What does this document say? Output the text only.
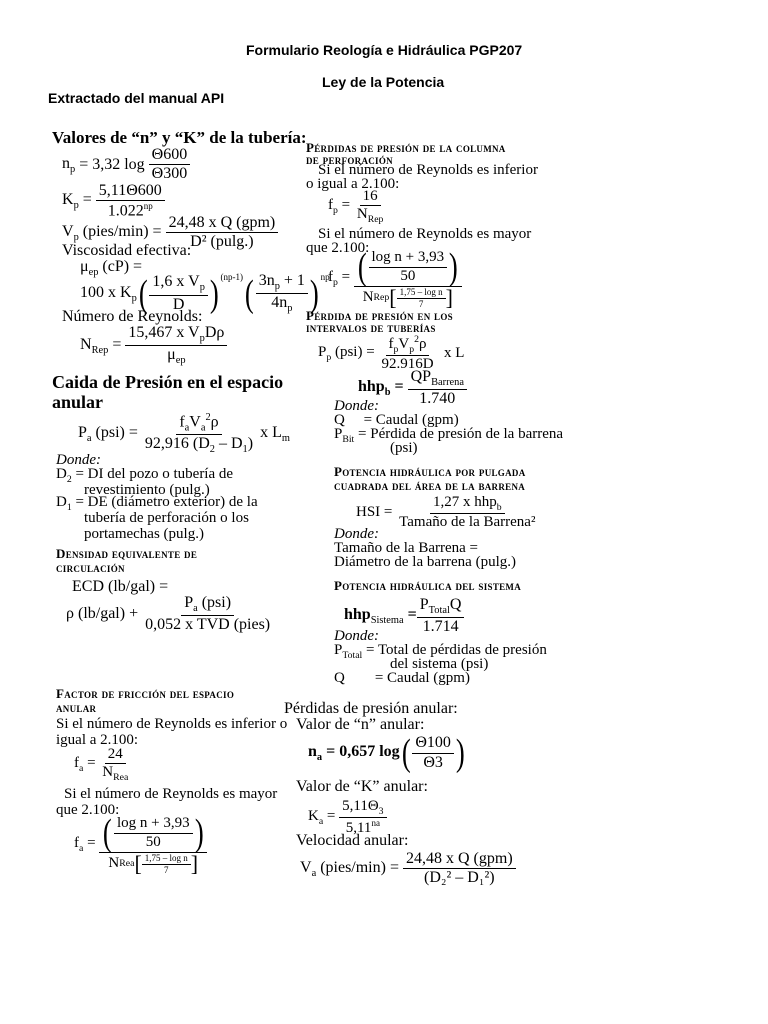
Formulario Reología e Hidráulica PGP207
Ley de la Potencia
Extractado del manual API
Valores de “n” y “K” de la tubería:
$n_p$
= 3,32 log
$\frac{\Theta 600}{\Theta 300}$
$K_p$ =
$\frac{5,11\Theta 600}{1.022^{np}}$
$V_p$ (pies/min) =
$\frac{\text{24,48 x Q (gpm)}}{\text{D² (pulg.)}}$
Viscosidad efectiva:
$\mu_{ep}$ (cP) =
100 x $K_p$ ( $\frac{1,6 x V_p}{D} )^{(np-1)}$ ( $\frac{3n_p + 1}{4n_p} )^{np}$
Número de Reynolds:
$N_{Rep}$ =
$\frac{15,467 x V_pD\rho}{\mu_{ep}}$
Caida de Presión en el espacio
anular
$P_a$ (psi) =
$\frac{f_aV_a^2\rho}{92,916 (D_2 - D_1)}$
x $L_m$
Donde:
$D_2$ = DI del pozo o tubería de
revestimiento (pulg.)
$D_1$ = DE (diámetro exterior) de la
tubería de perforación o los
portamechas (pulg.)
Densidad equivalente de
circulación
ECD (lb/gal) =
ρ (lb/gal) +
$\frac{P_a (psi)}{\text{0,052 x TVD (pies)}}$
Factor de fricción del espacio
anular
Si el número de Reynolds es inferior o
igual a 2.100:
$f_a$ =
$\frac{24}{N_{Rea}}$
Si el número de Reynolds es mayor
que 2.100:
$f_a$ =
( $\frac{\text{log n + 3,93}}{50}$ )
N Rea [ $\frac{\text{1,75 – log n}}{7}$ ]
Pérdidas de presión de la columna
de perforación
Si el número de Reynolds es inferior
o igual a 2.100:
$f_p$ =
$\frac{16}{N_{Rep}}$
Si el número de Reynolds es mayor
que 2.100:
$f_p$ =
( $\frac{\text{log n + 3,93}}{50}$ )
N Rep [ $\frac{\text{1,75 – log n}}{7}$ ]
Pérdida de presión en los
intervalos de tuberías
$P_p$ (psi) =
$\frac{f_pV_p^2\rho}{92.916D}$
x L
hhp$_b$ =
$\frac{QP_{Barrena}}{1.740}$
Donde:
Q     = Caudal (gpm)
$P_{Bit}$ = Pérdida de presión de la barrena
(psi)
Potencia hidráulica por pulgada
cuadrada del área de la barrena
HSI =
$\frac{1,27 x hhp_b}{\text{Tamaño de la Barrena²}}$
Donde:
Tamaño de la Barrena =
Diámetro de la barrena (pulg.)
Potencia hidráulica del sistema
$hhp_{Sistema} = \frac{P_{Total}Q}{1.714}$
Donde:
$P_{Total}$ = Total de pérdidas de presión
del sistema (psi)
Q        = Caudal (gpm)
Pérdidas de presión anular:
Valor de “n” anular:
$n_a = 0,657$ log ( $\frac{\Theta 100}{\Theta 3}$ )
Valor de “K” anular:
$K_a$ =
$\frac{5,11\Theta_3}{5,11^{na}}$
Velocidad anular:
$V_a$ (pies/min) =
$\frac{\text{24,48 x Q (gpm)}}{\text{(D₂² – D₁²)}}$
